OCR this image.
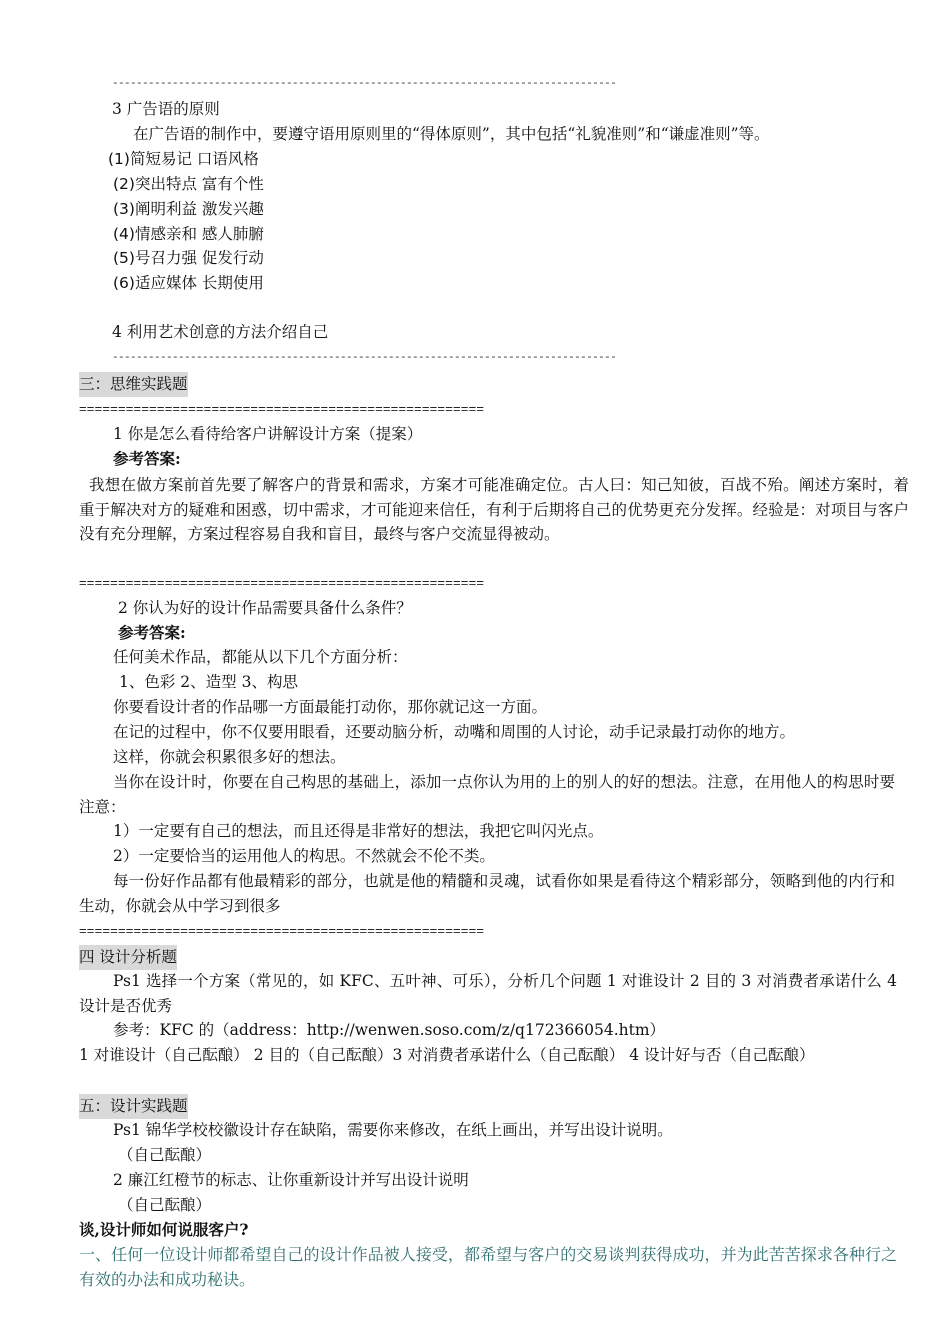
------------------------------------------------------------------------------------
3 广告语的原则
在广告语的制作中，要遵守语用原则里的“得体原则”，其中包括“礼貌准则”和“谦虚准则”等。
(1)简短易记 口语风格
(2)突出特点 富有个性
(3)阐明利益 激发兴趣
(4)情感亲和 感人肺腑
(5)号召力强 促发行动
(6)适应媒体 长期使用
4 利用艺术创意的方法介绍自己
------------------------------------------------------------------------------------
三：思维实践题
====================================================
1 你是怎么看待给客户讲解设计方案（提案）
参考答案:
我想在做方案前首先要了解客户的背景和需求，方案才可能准确定位。古人曰：知己知彼，百战不殆。阐述方案时，着重于解决对方的疑难和困惑，切中需求，才可能迎来信任，有利于后期将自己的优势更充分发挥。经验是：对项目与客户没有充分理解，方案过程容易自我和盲目，最终与客户交流显得被动。
====================================================
2 你认为好的设计作品需要具备什么条件？
参考答案:
任何美术作品，都能从以下几个方面分析：
1、色彩 2、造型 3、构思
你要看设计者的作品哪一方面最能打动你，那你就记这一方面。
在记的过程中，你不仅要用眼看，还要动脑分析，动嘴和周围的人讨论，动手记录最打动你的地方。
这样，你就会积累很多好的想法。
当你在设计时，你要在自己构思的基础上，添加一点你认为用的上的别人的好的想法。注意，在用他人的构思时要注意：
1）一定要有自己的想法，而且还得是非常好的想法，我把它叫闪光点。
2）一定要恰当的运用他人的构思。不然就会不伦不类。
每一份好作品都有他最精彩的部分，也就是他的精髓和灵魂，试看你如果是看待这个精彩部分，领略到他的内行和生动，你就会从中学习到很多
====================================================
四 设计分析题
Ps1 选择一个方案（常见的，如 KFC、五叶神、可乐），分析几个问题 1 对谁设计 2 目的 3 对消费者承诺什么 4 设计是否优秀
参考：KFC 的（address：http://wenwen.soso.com/z/q172366054.htm）
1 对谁设计（自己酝酿） 2 目的（自己酝酿）3 对消费者承诺什么（自己酝酿） 4 设计好与否（自己酝酿）
五：设计实践题
Ps1 锦华学校校徽设计存在缺陷，需要你来修改，在纸上画出，并写出设计说明。
（自己酝酿）
2 廉江红橙节的标志、让你重新设计并写出设计说明
（自己酝酿）
谈,设计师如何说服客户?
一、任何一位设计师都希望自己的设计作品被人接受，都希望与客户的交易谈判获得成功，并为此苦苦探求各种行之有效的办法和成功秘诀。
